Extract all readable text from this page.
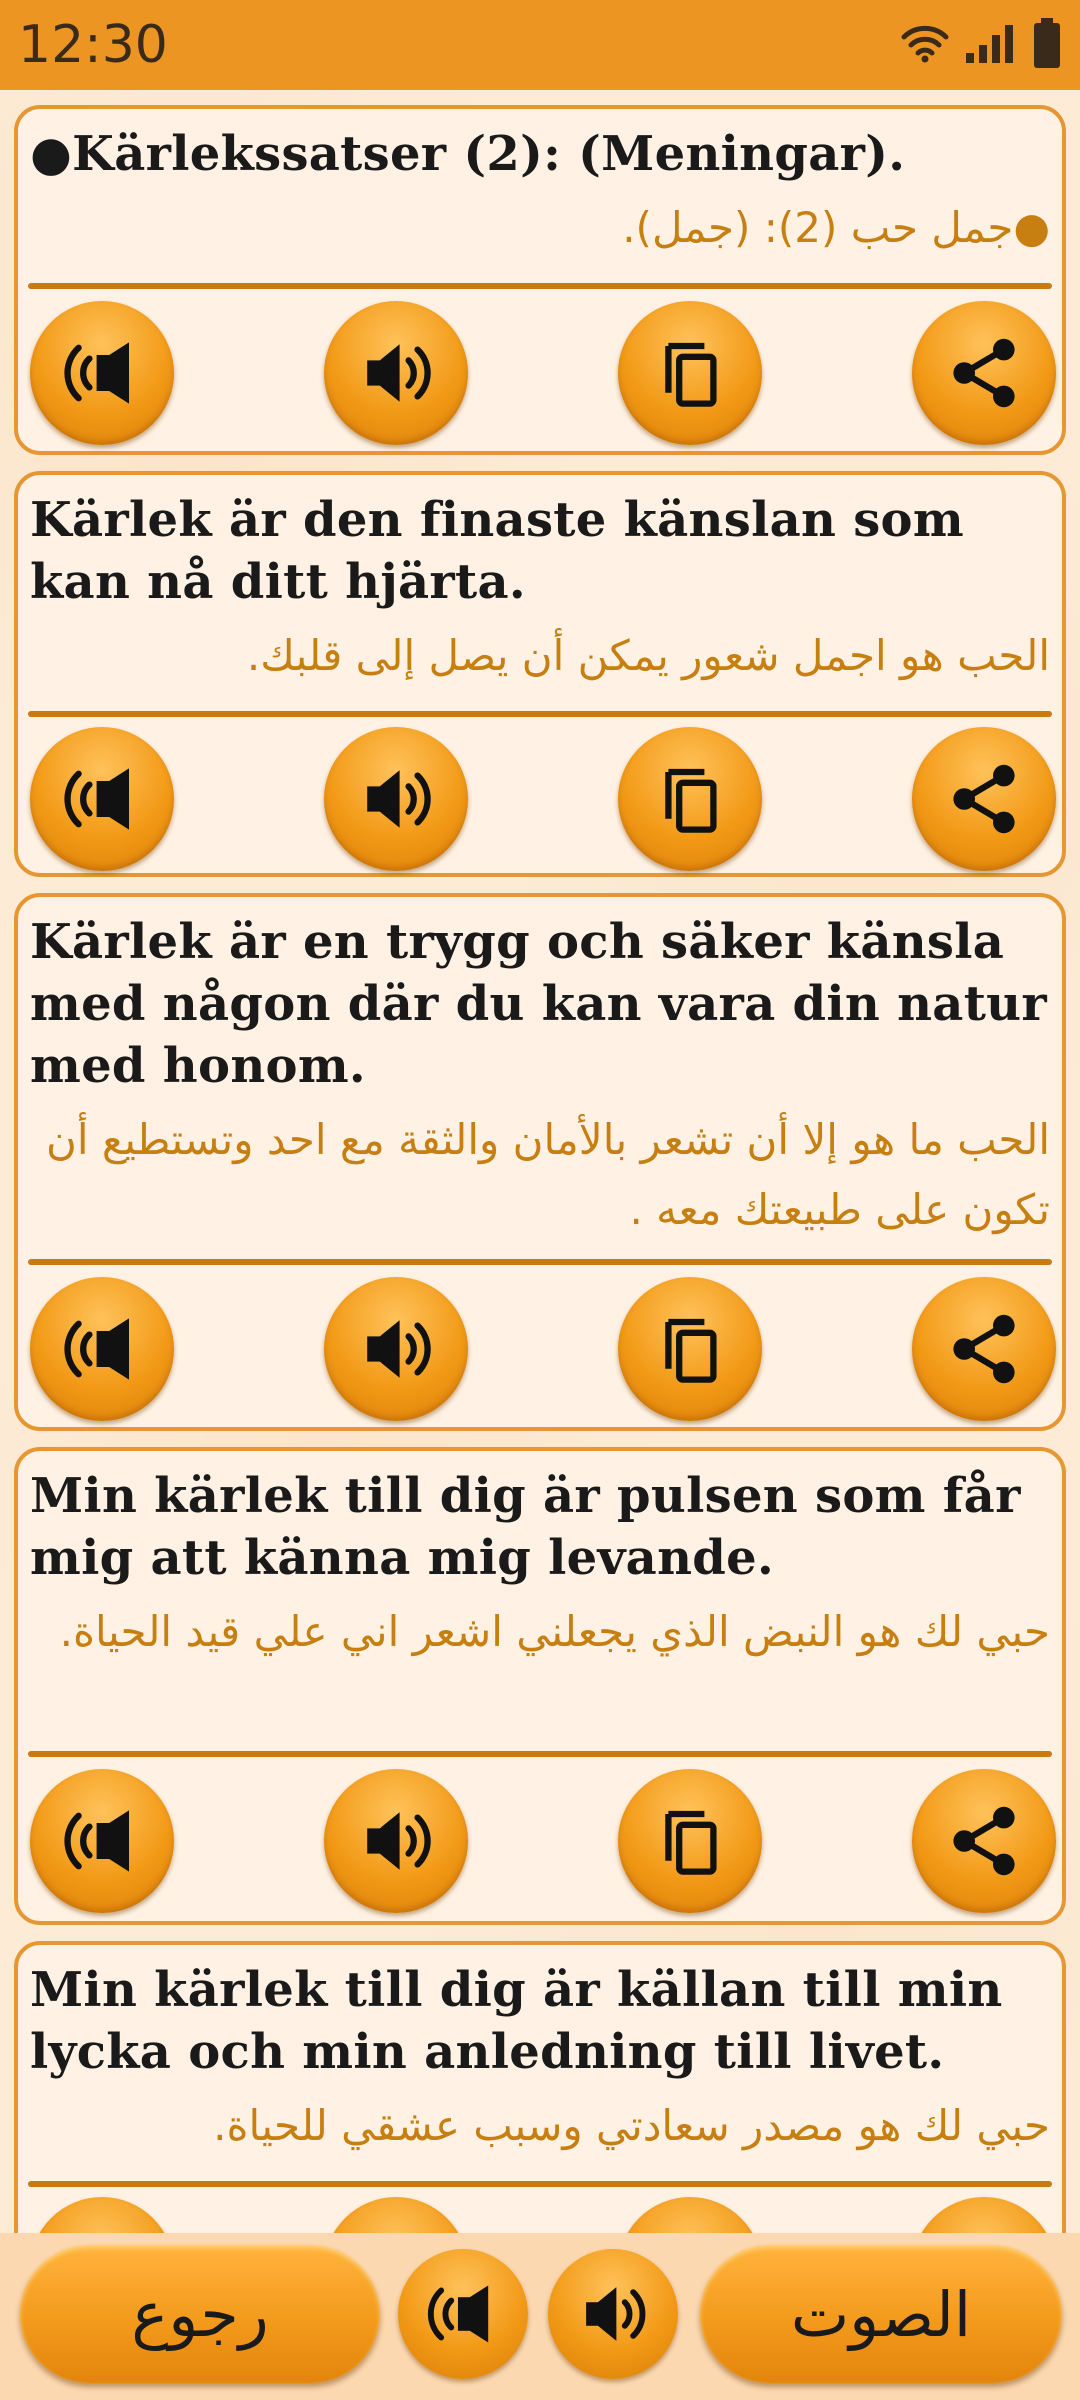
12:30

●Kärlekssatser (2): (Meningar).

●جمل حب (2): (جمل).

Kärlek är den finaste känslan som kan nå ditt hjärta.

الحب هو اجمل شعور يمكن أن يصل إلى قلبك.

Kärlek är en trygg och säker känsla med någon där du kan vara din natur med honom.

الحب ما هو إلا أن تشعر بالأمان والثقة مع احد وتستطيع أن تكون على طبيعتك معه .

Min kärlek till dig är pulsen som får mig att känna mig levande.

حبي لك هو النبض الذي يجعلني اشعر اني علي قيد الحياة.

Min kärlek till dig är källan till min lycka och min anledning till livet.

حبي لك هو مصدر سعادتي وسبب عشقي للحياة.

رجوع	الصوت
